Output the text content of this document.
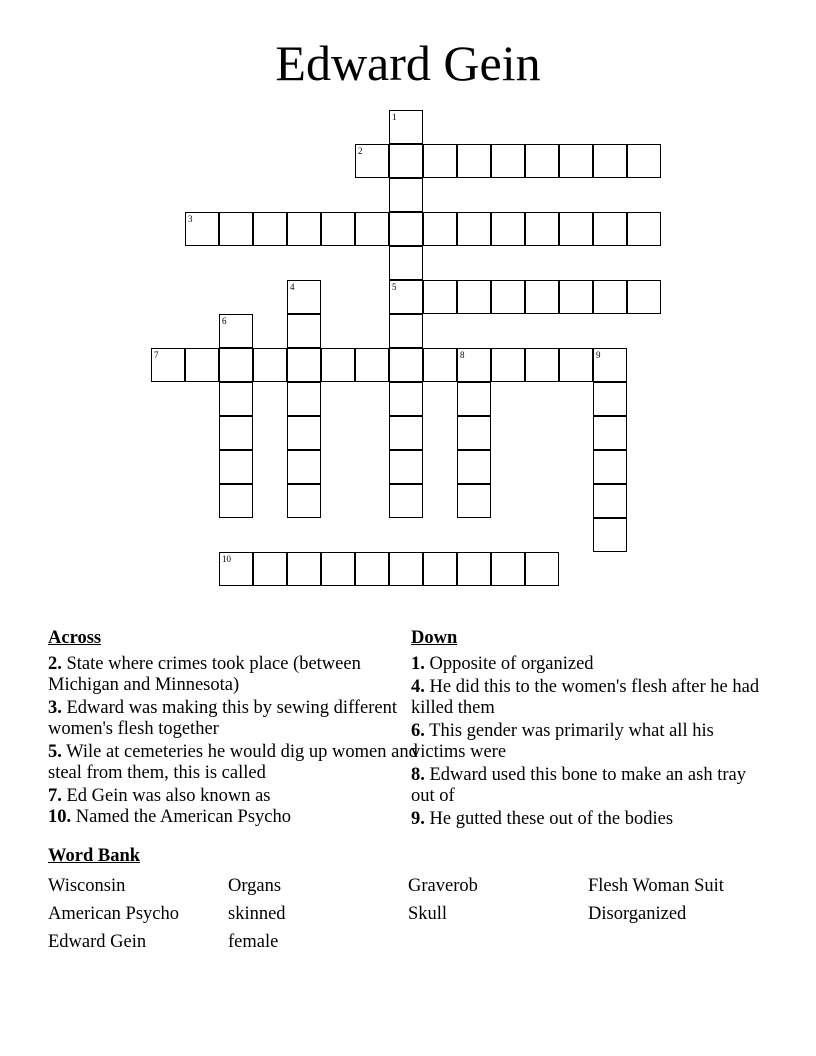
Edward Gein
1
5
2
3
4
6
7	8	9
10
Across
2. State where crimes took place (between Michigan and Minnesota)
3. Edward was making this by sewing different women's flesh together
5. Wile at cemeteries he would dig up women and steal from them, this is called
7. Ed Gein was also known as
10. Named the American Psycho
Down
1. Opposite of organized
4. He did this to the women's flesh after he had killed them
6. This gender was primarily what all his victims were
8. Edward used this bone to make an ash tray out of
9. He gutted these out of the bodies
Word Bank
Wisconsin	Organs	Graverob	Flesh Woman Suit
American Psycho	skinned	Skull	Disorganized
Edward Gein	female
